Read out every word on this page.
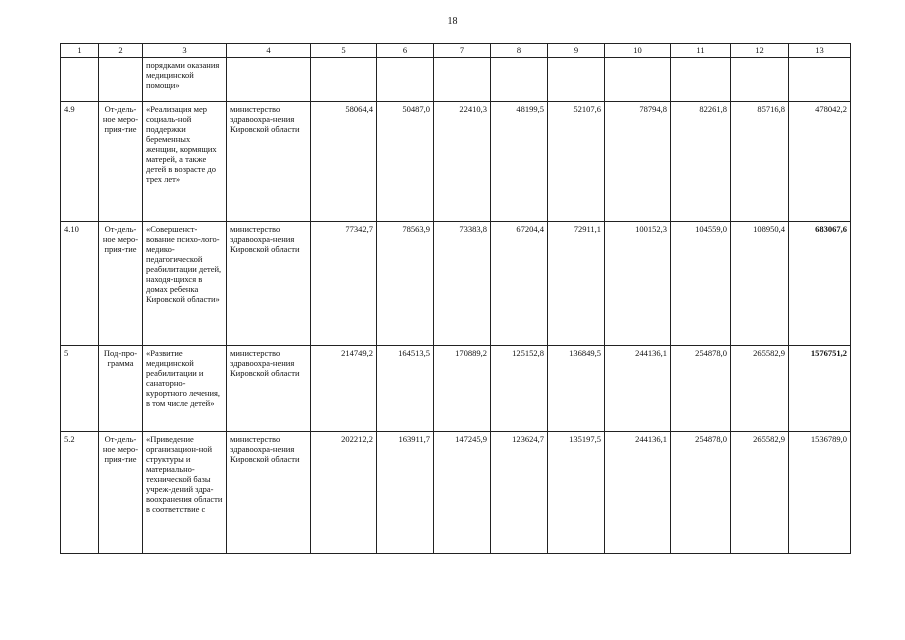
18
1	2	3	4	5	6	7	8	9	10	11	12	13
		порядками оказания медицинской помощи»										
4.9	От-дель-ное меро-прия-тие	«Реализация мер социаль-ной поддержки беременных женщин, кормящих матерей, а также детей в возрасте до трех лет»	министерство здравоохра-нения Кировской области	58064,4	50487,0	22410,3	48199,5	52107,6	78794,8	82261,8	85716,8	478042,2
4.10	От-дель-ное меро-прия-тие	«Совершенст-вование психо-лого-медико-педагогической реабилитации детей, находя-щихся в домах ребенка Кировской области»	министерство здравоохра-нения Кировской области	77342,7	78563,9	73383,8	67204,4	72911,1	100152,3	104559,0	108950,4	683067,6
5	Под-про-грамма	«Развитие медицинской реабилитации и санаторно-курортного лечения, в том числе детей»	министерство здравоохра-нения Кировской области	214749,2	164513,5	170889,2	125152,8	136849,5	244136,1	254878,0	265582,9	1576751,2
5.2	От-дель-ное меро-прия-тие	«Приведение организацион-ной структуры и материально-технической базы учреж-дений здра-воохранения области в соответствие с	министерство здравоохра-нения Кировской области	202212,2	163911,7	147245,9	123624,7	135197,5	244136,1	254878,0	265582,9	1536789,0
